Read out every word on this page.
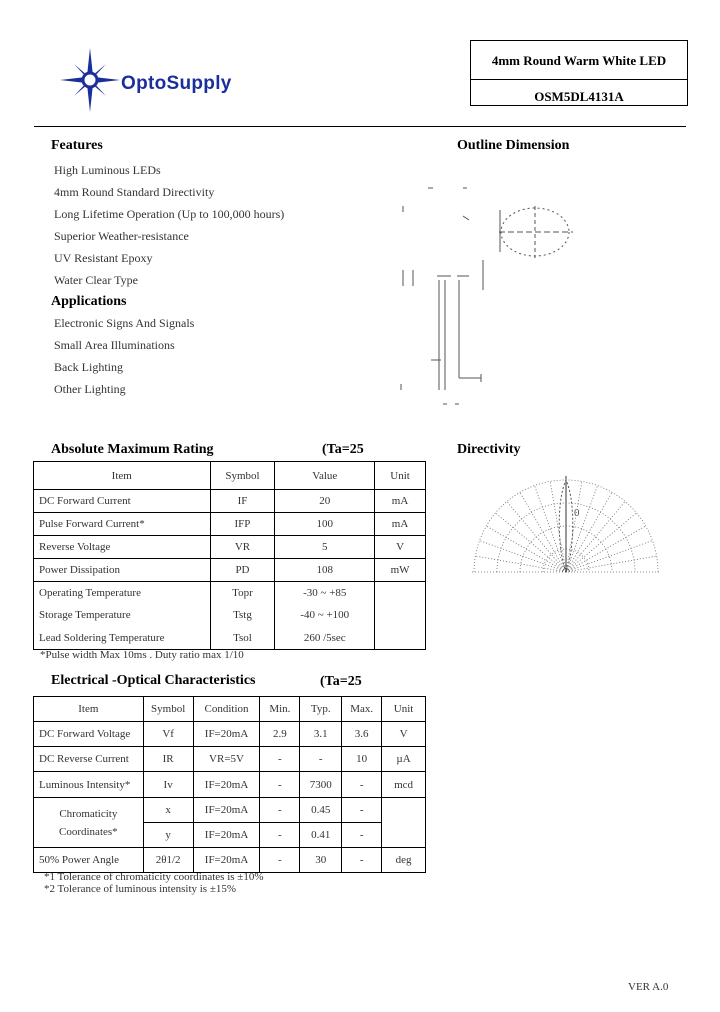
OptoSupply
4mm Round Warm White LED
OSM5DL4131A
Features
High Luminous LEDs
4mm Round Standard Directivity
Long Lifetime Operation (Up to 100,000 hours)
Superior Weather-resistance
UV Resistant Epoxy
Water Clear Type
Applications
Electronic Signs And Signals
Small Area Illuminations
Back Lighting
Other Lighting
Outline Dimension
Absolute Maximum Rating	(Ta=25
Item	Symbol	Value	Unit
DC Forward Current	IF	20	mA
Pulse Forward Current*	IFP	100	mA
Reverse Voltage	VR	5	V
Power Dissipation	PD	108	mW
Operating Temperature	Topr	-30 ~ +85	
Storage Temperature	Tstg	-40 ~ +100	
Lead Soldering Temperature	Tsol	260 /5sec	
*Pulse width Max 10ms . Duty ratio max 1/10
Directivity
0
Electrical -Optical Characteristics	(Ta=25
Item	Symbol	Condition	Min.	Typ.	Max.	Unit
DC Forward Voltage	Vf	IF=20mA	2.9	3.1	3.6	V
DC Reverse Current	IR	VR=5V	-	-	10	µA
Luminous Intensity*	Iv	IF=20mA	-	7300	-	mcd
Chromaticity
Coordinates*	x	IF=20mA	-	0.45	-	
	y	IF=20mA	-	0.41	-	
50% Power Angle	2θ1/2	IF=20mA	-	30	-	deg
*1 Tolerance of chromaticity coordinates is ±10%
*2 Tolerance of luminous intensity is ±15%
VER A.0
